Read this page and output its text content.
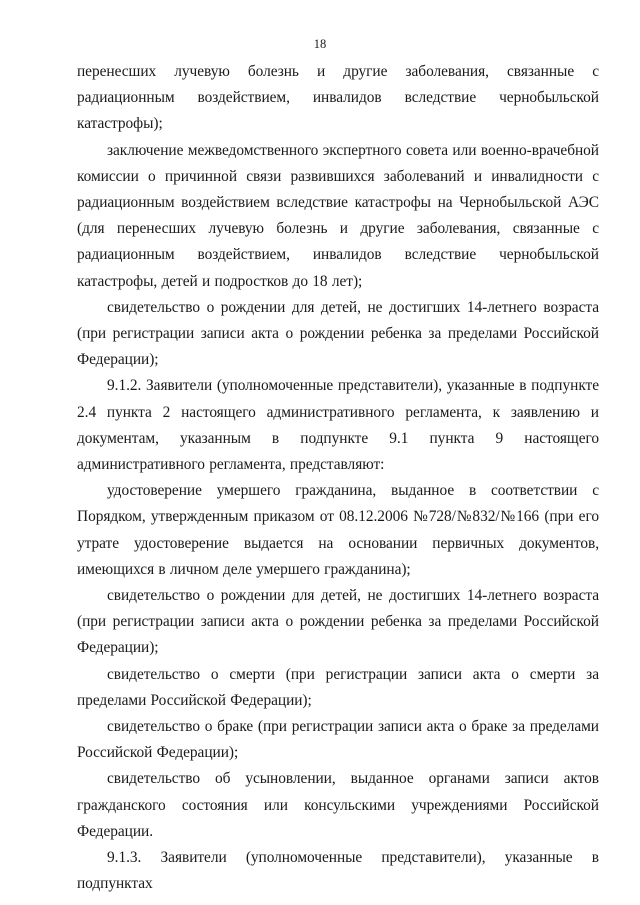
18

перенесших лучевую болезнь и другие заболевания, связанные с радиационным воздействием, инвалидов вследствие чернобыльской катастрофы);

заключение межведомственного экспертного совета или военно-врачебной комиссии о причинной связи развившихся заболеваний и инвалидности с радиационным воздействием вследствие катастрофы на Чернобыльской АЭС (для перенесших лучевую болезнь и другие заболевания, связанные с радиационным воздействием, инвалидов вследствие чернобыльской катастрофы, детей и подростков до 18 лет);

свидетельство о рождении для детей, не достигших 14-летнего возраста (при регистрации записи акта о рождении ребенка за пределами Российской Федерации);

9.1.2. Заявители (уполномоченные представители), указанные в подпункте 2.4 пункта 2 настоящего административного регламента, к заявлению и документам, указанным в подпункте 9.1 пункта 9 настоящего административного регламента, представляют:

удостоверение умершего гражданина, выданное в соответствии с Порядком, утвержденным приказом от 08.12.2006 №728/№832/№166 (при его утрате удостоверение выдается на основании первичных документов, имеющихся в личном деле умершего гражданина);

свидетельство о рождении для детей, не достигших 14-летнего возраста (при регистрации записи акта о рождении ребенка за пределами Российской Федерации);

свидетельство о смерти (при регистрации записи акта о смерти за пределами Российской Федерации);

свидетельство о браке (при регистрации записи акта о браке за пределами Российской Федерации);

свидетельство об усыновлении, выданное органами записи актов гражданского состояния или консульскими учреждениями Российской Федерации.

9.1.3. Заявители (уполномоченные представители), указанные в подпунктах
